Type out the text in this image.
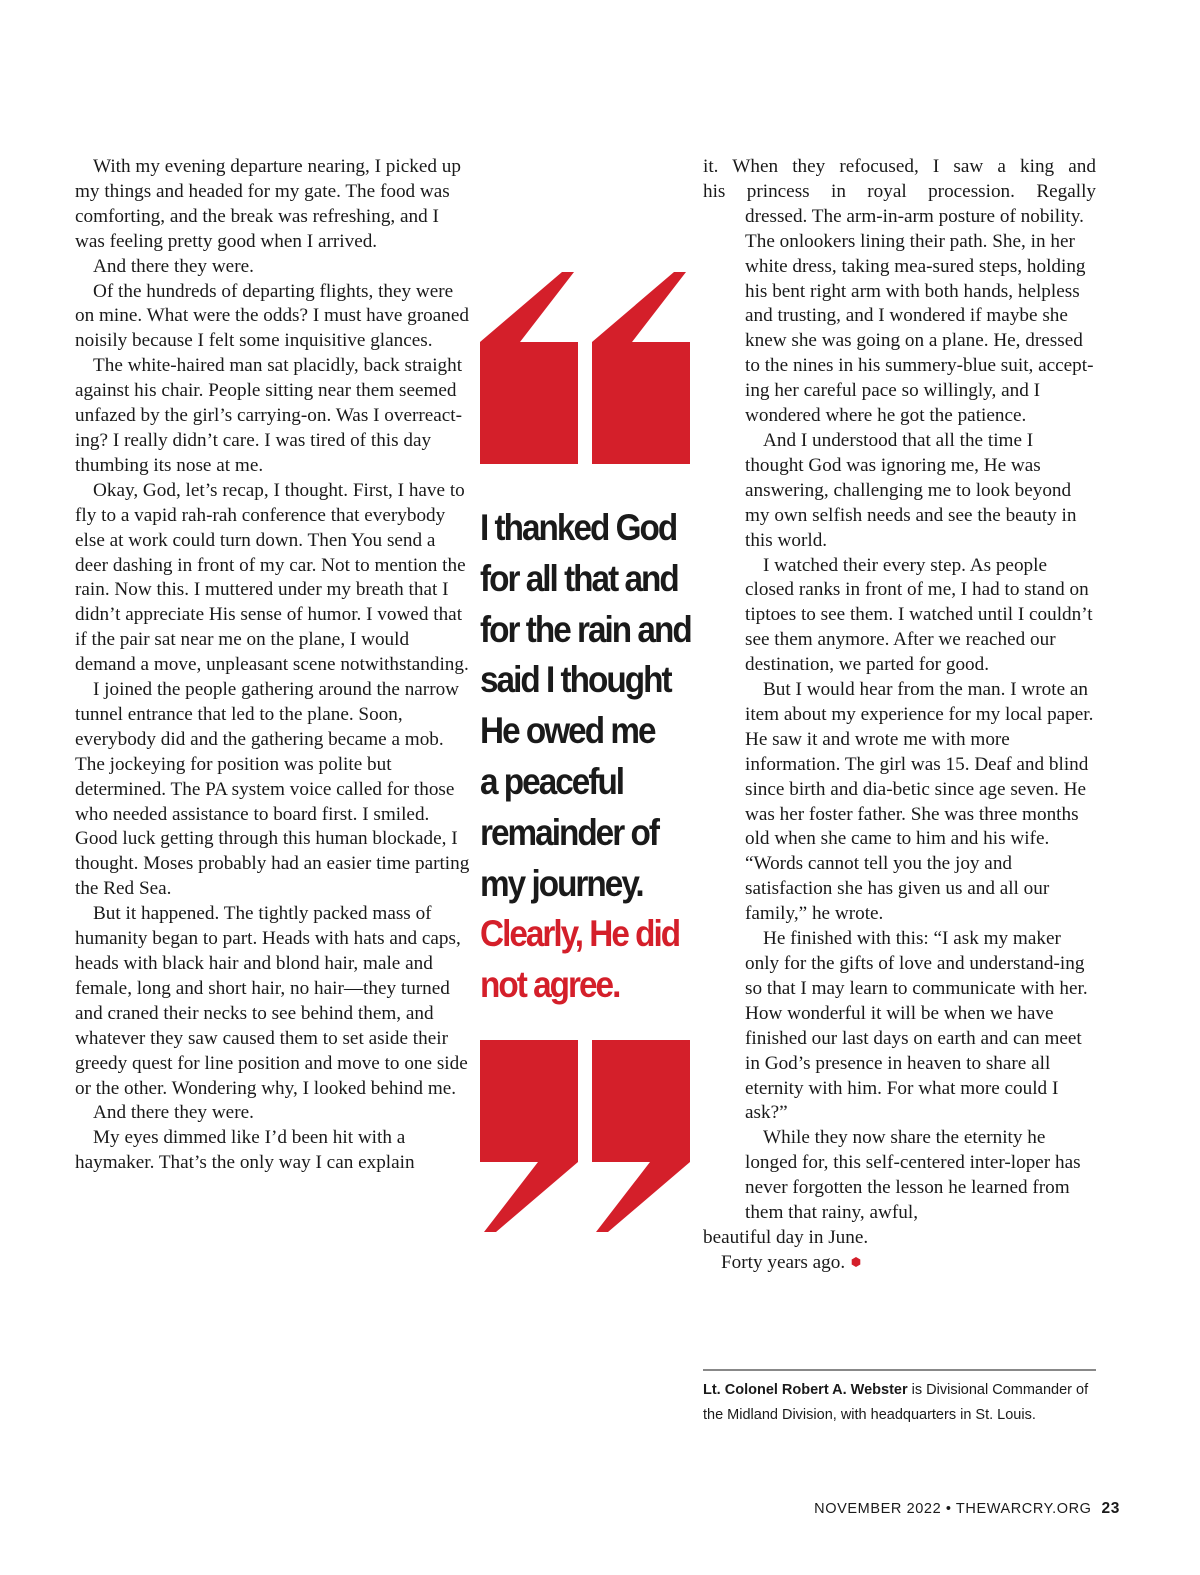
With my evening departure nearing, I picked up my things and headed for my gate. The food was comforting, and the break was refreshing, and I was feeling pretty good when I arrived.

And there they were.

Of the hundreds of departing flights, they were on mine. What were the odds? I must have groaned noisily because I felt some inquisitive glances.

The white-haired man sat placidly, back straight against his chair. People sitting near them seemed unfazed by the girl’s carrying-on. Was I overreact-ing? I really didn’t care. I was tired of this day thumbing its nose at me.

Okay, God, let’s recap, I thought. First, I have to fly to a vapid rah-rah conference that everybody else at work could turn down. Then You send a deer dashing in front of my car. Not to mention the rain. Now this. I muttered under my breath that I didn’t appreciate His sense of humor. I vowed that if the pair sat near me on the plane, I would demand a move, unpleasant scene notwithstanding.

I joined the people gathering around the narrow tunnel entrance that led to the plane. Soon, everybody did and the gathering became a mob. The jockeying for position was polite but determined. The PA system voice called for those who needed assistance to board first. I smiled. Good luck getting through this human blockade, I thought. Moses probably had an easier time parting the Red Sea.

But it happened. The tightly packed mass of humanity began to part. Heads with hats and caps, heads with black hair and blond hair, male and female, long and short hair, no hair—they turned and craned their necks to see behind them, and whatever they saw caused them to set aside their greedy quest for line position and move to one side or the other. Wondering why, I looked behind me.

And there they were.

My eyes dimmed like I’d been hit with a haymaker. That’s the only way I can explain

I thanked God
for all that and
for the rain and
said I thought
He owed me
a peaceful
remainder of
my journey.
Clearly, He did
not agree.

it. When they refocused, I saw a king and

his princess in royal procession. Regally

dressed. The arm-in-arm posture of nobility. The onlookers lining their path. She, in her white dress, taking mea-sured steps, holding his bent right arm with both hands, helpless and trusting, and I wondered if maybe she knew she was going on a plane. He, dressed to the nines in his summery-blue suit, accept-ing her careful pace so willingly, and I wondered where he got the patience.

And I understood that all the time I thought God was ignoring me, He was answering, challenging me to look beyond my own selfish needs and see the beauty in this world.

I watched their every step. As people closed ranks in front of me, I had to stand on tiptoes to see them. I watched until I couldn’t see them anymore. After we reached our destination, we parted for good.

But I would hear from the man. I wrote an item about my experience for my local paper. He saw it and wrote me with more information. The girl was 15. Deaf and blind since birth and dia-betic since age seven. He was her foster father. She was three months old when she came to him and his wife. “Words cannot tell you the joy and satisfaction she has given us and all our family,” he wrote.

He finished with this: “I ask my maker only for the gifts of love and understand-ing so that I may learn to communicate with her. How wonderful it will be when we have finished our last days on earth and can meet in God’s presence in heaven to share all eternity with him. For what more could I ask?”

While they now share the eternity he longed for, this self-centered inter-loper has never forgotten the lesson he learned from them that rainy, awful,

beautiful day in June.

Forty years ago.

Lt. Colonel Robert A. Webster is Divisional Commander of the Midland Division, with headquarters in St. Louis.
NOVEMBER 2022 • THEWARCRY.ORG 23
